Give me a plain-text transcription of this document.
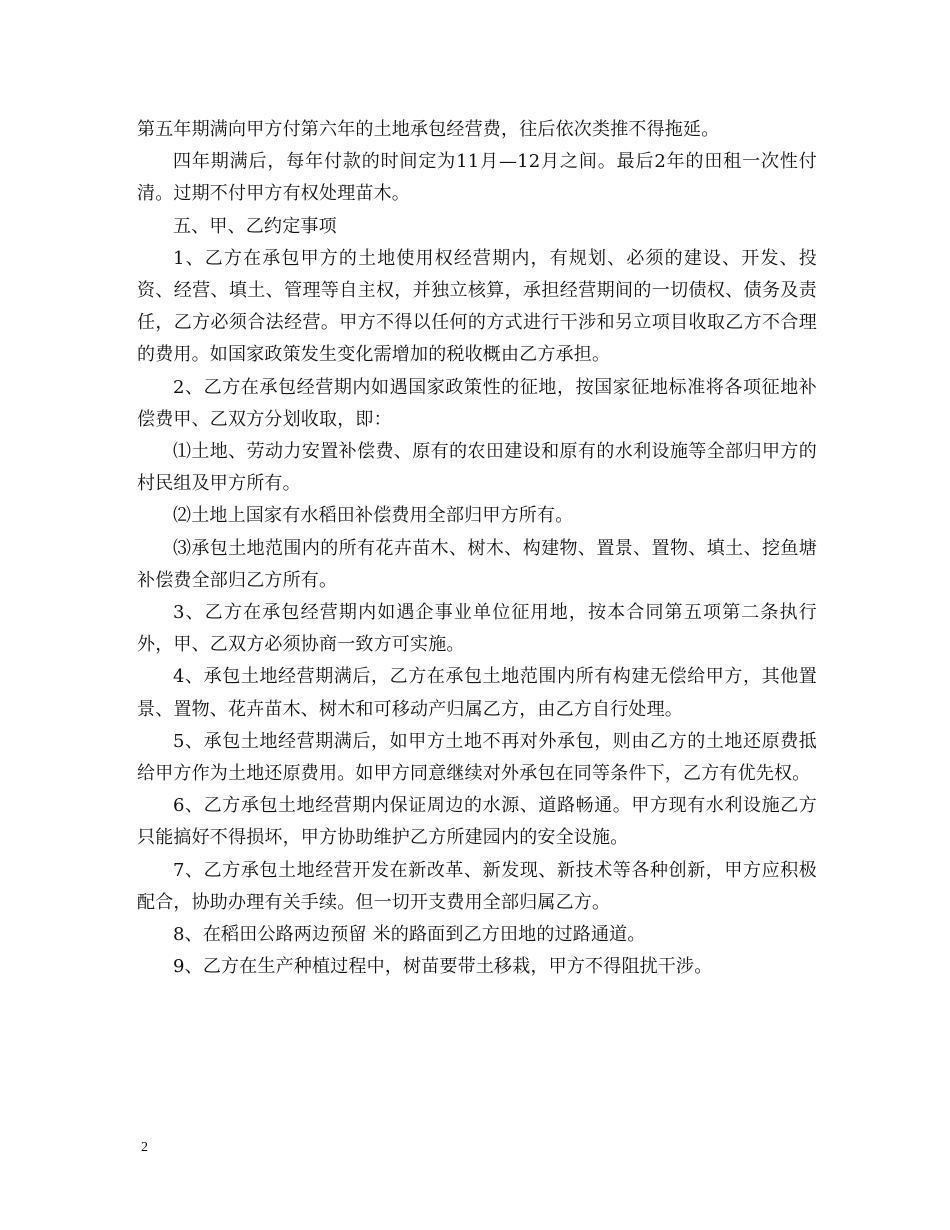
第五年期满向甲方付第六年的土地承包经营费，往后依次类推不得拖延。

四年期满后，每年付款的时间定为11月—12月之间。最后2年的田租一次性付清。过期不付甲方有权处理苗木。

五、甲、乙约定事项

1、乙方在承包甲方的土地使用权经营期内，有规划、必须的建设、开发、投资、经营、填土、管理等自主权，并独立核算，承担经营期间的一切债权、债务及责任，乙方必须合法经营。甲方不得以任何的方式进行干涉和另立项目收取乙方不合理的费用。如国家政策发生变化需增加的税收概由乙方承担。

2、乙方在承包经营期内如遇国家政策性的征地，按国家征地标准将各项征地补偿费甲、乙双方分划收取，即：

⑴土地、劳动力安置补偿费、原有的农田建设和原有的水利设施等全部归甲方的村民组及甲方所有。

⑵土地上国家有水稻田补偿费用全部归甲方所有。

⑶承包土地范围内的所有花卉苗木、树木、构建物、置景、置物、填土、挖鱼塘补偿费全部归乙方所有。

3、乙方在承包经营期内如遇企事业单位征用地，按本合同第五项第二条执行外，甲、乙双方必须协商一致方可实施。

4、承包土地经营期满后，乙方在承包土地范围内所有构建无偿给甲方，其他置景、置物、花卉苗木、树木和可移动产归属乙方，由乙方自行处理。

5、承包土地经营期满后，如甲方土地不再对外承包，则由乙方的土地还原费抵给甲方作为土地还原费用。如甲方同意继续对外承包在同等条件下，乙方有优先权。

6、乙方承包土地经营期内保证周边的水源、道路畅通。甲方现有水利设施乙方只能搞好不得损坏，甲方协助维护乙方所建园内的安全设施。

7、乙方承包土地经营开发在新改革、新发现、新技术等各种创新，甲方应积极配合，协助办理有关手续。但一切开支费用全部归属乙方。

8、在稻田公路两边预留 米的路面到乙方田地的过路通道。

9、乙方在生产种植过程中，树苗要带土移栽，甲方不得阻扰干涉。

2
